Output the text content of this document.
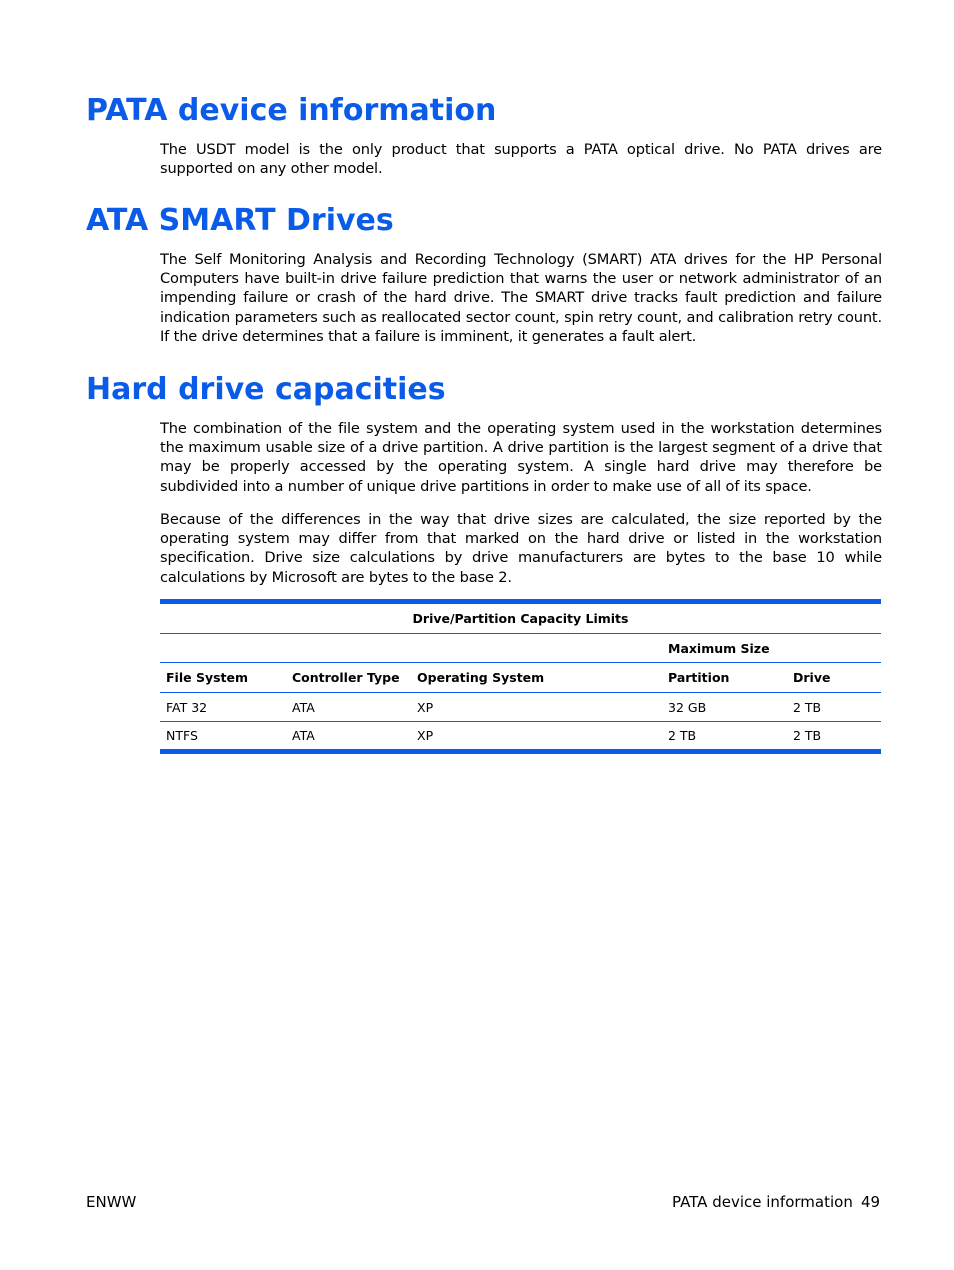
PATA device information

The USDT model is the only product that supports a PATA optical drive. No PATA drives are supported on any other model.

ATA SMART Drives

The Self Monitoring Analysis and Recording Technology (SMART) ATA drives for the HP Personal Computers have built-in drive failure prediction that warns the user or network administrator of an impending failure or crash of the hard drive. The SMART drive tracks fault prediction and failure indication parameters such as reallocated sector count, spin retry count, and calibration retry count. If the drive determines that a failure is imminent, it generates a fault alert.

Hard drive capacities

The combination of the file system and the operating system used in the workstation determines the maximum usable size of a drive partition. A drive partition is the largest segment of a drive that may be properly accessed by the operating system. A single hard drive may therefore be subdivided into a number of unique drive partitions in order to make use of all of its space.

Because of the differences in the way that drive sizes are calculated, the size reported by the operating system may differ from that marked on the hard drive or listed in the workstation specification. Drive size calculations by drive manufacturers are bytes to the base 10 while calculations by Microsoft are bytes to the base 2.

Drive/Partition Capacity Limits				
			Maximum Size	
File System	Controller Type	Operating System	Partition	Drive
FAT 32	ATA	XP	32 GB	2 TB
NTFS	ATA	XP	2 TB	2 TB
ENWW	PATA device information 49
